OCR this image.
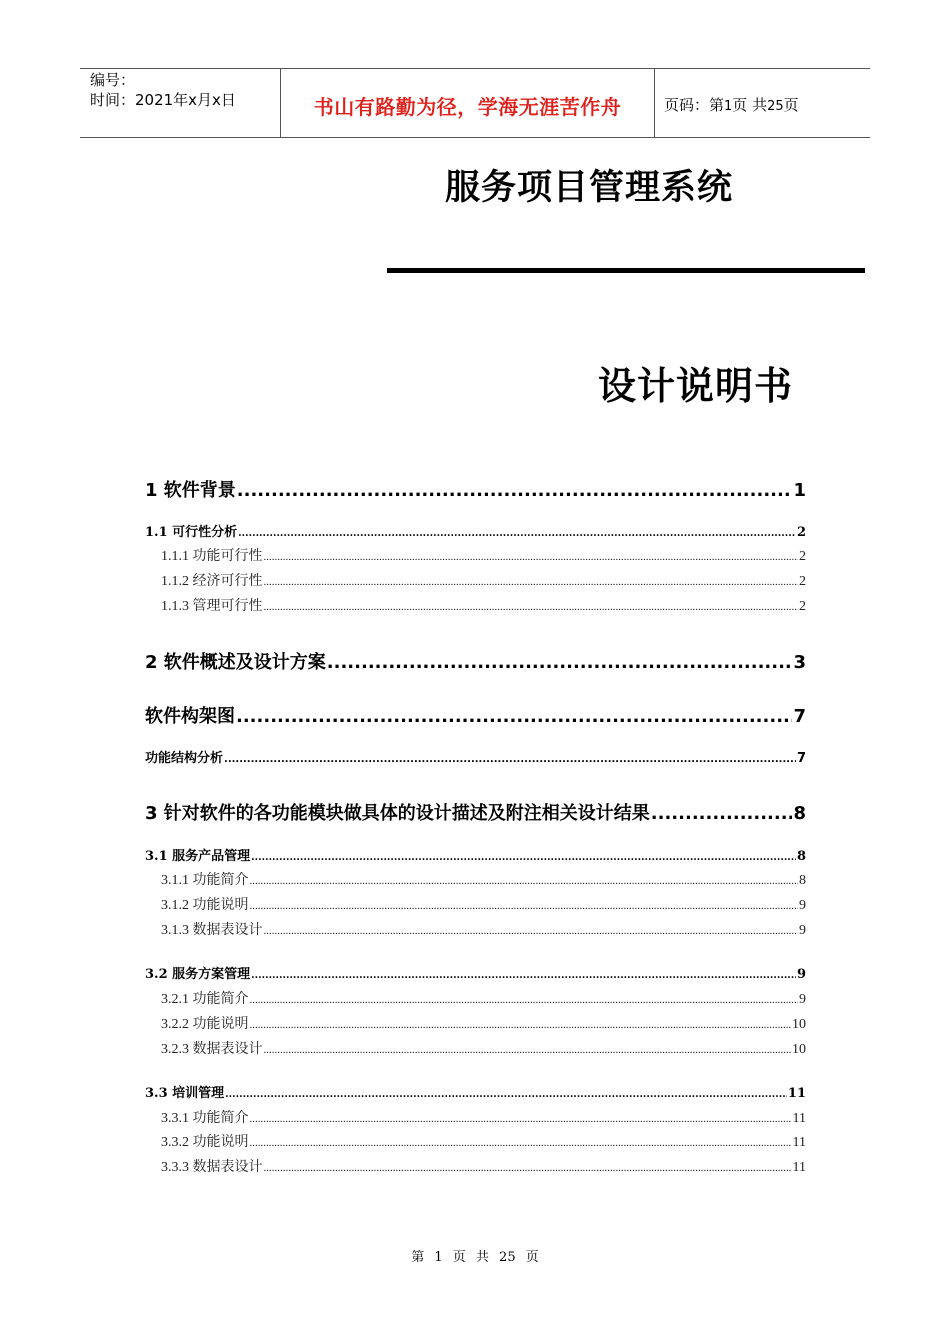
编号：
时间：2021年x月x日	书山有路勤为径，学海无涯苦作舟	页码：第1页 共25页
服务项目管理系统
设计说明书
1 软件背景 .....	1
1.1 可行性分析 .....	2
1.1.1 功能可行性 .....	2
1.1.2 经济可行性 .....	2
1.1.3 管理可行性 .....	2
2 软件概述及设计方案 .....	3
软件构架图 .....	7
功能结构分析 .....	7
3 针对软件的各功能模块做具体的设计描述及附注相关设计结果 .....	8
3.1 服务产品管理 .....	8
3.1.1 功能简介 .....	8
3.1.2 功能说明 .....	9
3.1.3 数据表设计 .....	9
3.2 服务方案管理 .....	9
3.2.1 功能简介 .....	9
3.2.2 功能说明 .....	10
3.2.3 数据表设计 .....	10
3.3 培训管理 .....	11
3.3.1 功能简介 .....	11
3.3.2 功能说明 .....	11
3.3.3 数据表设计 .....	11
第 1 页 共 25 页
